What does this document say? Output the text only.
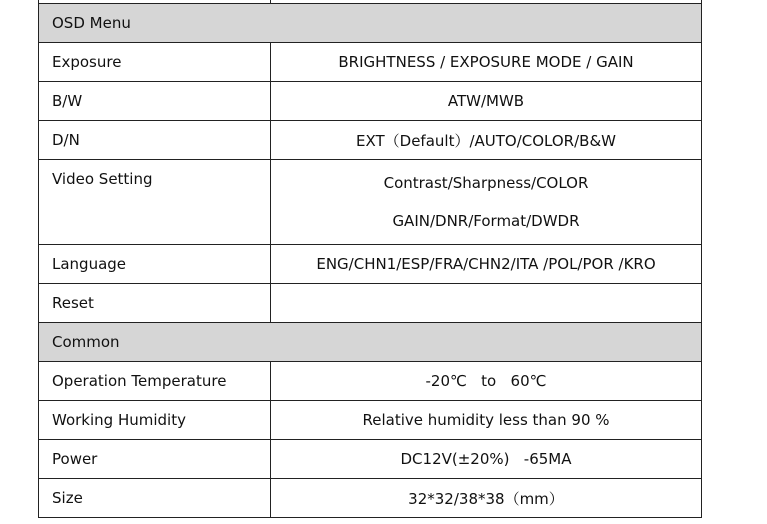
OSD Menu	
Exposure	BRIGHTNESS / EXPOSURE MODE / GAIN
B/W	ATW/MWB
D/N	EXT（Default）/AUTO/COLOR/B&W
Video Setting	Contrast/Sharpness/COLOR
GAIN/DNR/Format/DWDR

Language	ENG/CHN1/ESP/FRA/CHN2/ITA /POL/POR /KRO
Reset	
Common	
Operation Temperature	-20℃   to   60℃
Working Humidity	Relative humidity less than 90 %
Power	DC12V(±20%)   -65MA
Size	32*32/38*38（mm）
